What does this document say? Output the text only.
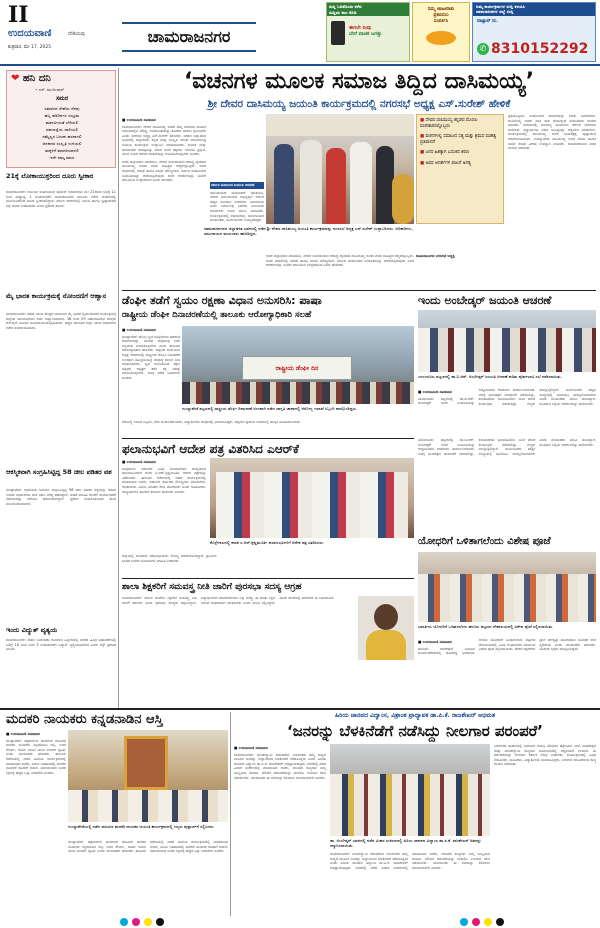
II
ಉದಯವಾಣಿ	ದೇಶಿಯವು
ಶುಕ್ರವಾರ, ಮೇ 17, 2025
ಚಾಮರಾಜನಗರ
ಸುದ್ದಿ ಓದಿಕೊಂಡು ಕಳೆದ
ಸುದ್ದಿಯ ಕಾಲ ಕೊಡಿ
ಈಗಲೇ ನೀವು
ಬೇರೆ ವಾಚಕ ಜಗತ್ತು
ನಿಮ್ಮ ಜಾಹೀರಾತು
ಪ್ರಕಟಿಸಲು
ಸಂಪರ್ಕಿಸಿ
ನಿಮ್ಮ ಕಾರ್ಯಕ್ರಮಗಳ ಸುದ್ದಿ ಕಳುಹಿಸಿ
ಚಾಮರಾಜನಗರ ಜಿಲ್ಲೆ ಸುದ್ದಿ
ವಾಟ್ಸಾಪ್ ನಂ.
✆ 8310152292
❤ ಹನಿ ದನಿ
• ಎಸ್. ಮಂಜುನಾಥ್
ಸಮರ
ಸಮಾಜದ ಸೇವೆಯ ನೆನಪು
ಹಬ್ಬ ಹರಿದಿನಗಳ ಸಂಭ್ರಮ
ಮಾನವೀಯತೆ ಬೆಳೆಯಲಿ
ಸಹಬಾಳ್ವೆಯ ದಾರಿಯಲಿ
ನಮ್ಮೆಲ್ಲರ ಬದುಕು ಹಸನಾಗಲಿ
ಜನಪದರ ಸಂಸ್ಕೃತಿ ಉಳಿಯಲಿ
ಮಕ್ಕಳಿಗೆ ಮಾದರಿಯಾಗಲಿ
ಇದೇ ನಮ್ಮ ಸಮರ
21ಕ್ಕೆ ಲೋಕಾಯುಕ್ತರಿಂದ ದೂರು ಸ್ವೀಕಾರ
ಚಾಮರಾಜನಗರ: ಕರ್ನಾಟಕ ಲೋಕಾಯುಕ್ತ ಪೊಲೀಸ್ ಅಧಿಕಾರಿಗಳು ಮೇ 21ರಂದು ಬೆಳಗ್ಗೆ 11 ರಿಂದ ಮಧ್ಯಾಹ್ನ 1 ಗಂಟೆಯವರೆಗೆ ಚಾಮರಾಜನಗರ ತಾಲೂಕು ಕಚೇರಿ ಆವರಣದಲ್ಲಿ ಸಾರ್ವಜನಿಕರಿಂದ ದೂರು ಸ್ವೀಕರಿಸಲಿದ್ದಾರೆ. ಸರ್ಕಾರಿ ಕಚೇರಿಗಳಲ್ಲಿ ವಿಳಂಬ ಹಾಗೂ ಭ್ರಷ್ಟಾಚಾರದ ಬಗ್ಗೆ ದೂರು ನೀಡಬಹುದು ಎಂದು ಪ್ರಕಟಣೆ ತಿಳಿಸಿದೆ.
ಮೈ ಭಾರತ ಕಾರ್ಯಕ್ರಮಕ್ಕೆ ನೋಂದಣಿಗೆ ಆಹ್ವಾನ
ಚಾಮರಾಜನಗರ: ನೆಹರು ಯುವ ಕೇಂದ್ರದ ವತಿಯಿಂದ ಮೈ ಭಾರತ ಸ್ವಯಂಸೇವಕರ ಕಾರ್ಯಕ್ರಮಕ್ಕೆ ಜಿಲ್ಲೆಯ ಯುವಜನರಿಂದ ಅರ್ಜಿ ಆಹ್ವಾನಿಸಲಾಗಿದೆ. 18 ರಿಂದ 29 ವರ್ಷದೊಳಗಿನ ಆಸಕ್ತರು ಆನ್‌ಲೈನ್ ಮೂಲಕ ನೋಂದಾಯಿಸಿಕೊಳ್ಳಬಹುದು. ಹೆಚ್ಚಿನ ಮಾಹಿತಿಗೆ ಜಿಲ್ಲಾ ಯುವ ಅಧಿಕಾರಿಗಳ ಕಚೇರಿ ಸಂಪರ್ಕಿಸಬಹುದು.
ಆಕಸ್ಮಿಕವಾಗಿ ಸಂಗ್ರಹಿಸಿಟ್ಟಿದ್ದ 58 ಚೀಲ ಪಡಿತರ ವಶ
ಗುಂಡ್ಲುಪೇಟೆ: ಅಕ್ರಮವಾಗಿ ಸಾಗಿಸಲು ಸಂಗ್ರಹಿಸಿಟ್ಟಿದ್ದ 58 ಚೀಲ ಪಡಿತರ ಅಕ್ಕಿಯನ್ನು ಆಹಾರ ಇಲಾಖೆ ಅಧಿಕಾರಿಗಳು ದಾಳಿ ನಡೆಸಿ ವಶಕ್ಕೆ ಪಡೆದಿದ್ದಾರೆ. ಖಚಿತ ಮಾಹಿತಿ ಮೇರೆಗೆ ಕಾರ್ಯಾಚರಣೆ ನಡೆಸಲಾಗಿದ್ದು ಆರೋಪಿ ಪರಾರಿಯಾಗಿದ್ದಾನೆ. ಪ್ರಕರಣ ದಾಖಲಿಸಿಕೊಂಡು ತನಿಖೆ ಮುಂದುವರಿಸಲಾಗಿದೆ.
ಇಂದು ವಿದ್ಯುತ್ ವ್ಯತ್ಯಯ
ಚಾಮರಾಜನಗರ: ತುರ್ತು ನಿರ್ವಹಣಾ ಕಾಮಗಾರಿ ಹಿನ್ನೆಲೆಯಲ್ಲಿ ನಗರದ ವಿವಿಧ ಬಡಾವಣೆಗಳಲ್ಲಿ ಬೆಳಗ್ಗೆ 10 ರಿಂದ ಸಂಜೆ 5 ಗಂಟೆಯವರೆಗೆ ವಿದ್ಯುತ್ ವ್ಯತ್ಯಯವಾಗಲಿದೆ ಎಂದು ಸೆಸ್ಕ್ ಪ್ರಕಟಣೆ ತಿಳಿಸಿದೆ.
‘ವಚನಗಳ ಮೂಲಕ ಸಮಾಜ ತಿದ್ದಿದ ದಾಸಿಮಯ್ಯ’
ಶ್ರೀ ದೇವರ ದಾಸಿಮಯ್ಯ ಜಯಂತಿ ಕಾರ್ಯಕ್ರಮದಲ್ಲಿ ನಗರಸಭೆ ಅಧ್ಯಕ್ಷ ಎಸ್.ಸುರೇಶ್ ಹೇಳಿಕೆ
■ ಉದಯವಾಣಿ ಸಮಾಚಾರ
ಚಾಮರಾಜನಗರ: ದೇವರ ದಾಸಿಮಯ್ಯ ಅವರು ತಮ್ಮ ವಚನಗಳ ಮೂಲಕ ಸಮಾಜದಲ್ಲಿನ ಮೌಢ್ಯ, ಅಸಮಾನತೆಯನ್ನು ತೊಡೆದು ಹಾಕಲು ಶ್ರಮಿಸಿದರು ಎಂದು ನಗರಸಭೆ ಅಧ್ಯಕ್ಷ ಎಸ್.ಸುರೇಶ್ ಹೇಳಿದರು. ನಗರದ ಜಿಲ್ಲಾಡಳಿತ ಭವನದಲ್ಲಿ ಜಿಲ್ಲಾಡಳಿತ, ಕನ್ನಡ ಮತ್ತು ಸಂಸ್ಕೃತಿ ಇಲಾಖೆ ಆಯೋಜಿಸಿದ್ದ ಜಯಂತಿ ಕಾರ್ಯಕ್ರಮ ಉದ್ಘಾಟಿಸಿ ಮಾತನಾಡಿದರು. ಕಾಯಕ ಮತ್ತು ದಾಸೋಹದ ಮಹತ್ವವನ್ನು ಸಾರಿದ ಅವರ ತತ್ವಗಳು ಇಂದಿಗೂ ಪ್ರಸ್ತುತ. ಯುವ ಪೀಳಿಗೆ ಶರಣರ ಚಿಂತನೆಗಳನ್ನು ಅಳವಡಿಸಿಕೊಳ್ಳಬೇಕು ಎಂದರು.
ಅಪರ ಜಿಲ್ಲಾಧಿಕಾರಿ ಮಾತನಾಡಿ, ನೇಕಾರ ಸಮುದಾಯದ ಆರಾಧ್ಯ ದೈವರಾದ ದಾಸಿಮಯ್ಯ ಅವರು ವಚನ ಸಾಹಿತ್ಯದ ಆದ್ಯರಲ್ಲೊಬ್ಬರು. ಅವರ ವಚನಗಳಲ್ಲಿ ಸರಳತೆ ಹಾಗೂ ಜೀವನ ಮೌಲ್ಯಗಳಿವೆ. ಸರ್ಕಾರ ಮಹನೀಯರ ಜಯಂತಿಗಳನ್ನು ಆಚರಿಸುತ್ತಿರುವುದು ಅವರ ಆದರ್ಶಗಳನ್ನು ಜನರಿಗೆ ತಲುಪಿಸುವ ಉದ್ದೇಶದಿಂದ ಎಂದು ಹೇಳಿದರು.
ಸರ್ಕಾರ ವತಿಯಿಂದ ಜಯಂತಿ ಆಚರಣೆ
ಸಮುದಾಯದ ಮುಖಂಡರು ಮಾತನಾಡಿ, ನೇಕಾರ ಸಮುದಾಯದ ಅಭಿವೃದ್ಧಿಗೆ ಸರ್ಕಾರ ಹೆಚ್ಚಿನ ಅನುದಾನ ನೀಡಬೇಕು. ಸಮುದಾಯ ಭವನ ನಿರ್ಮಾಣಕ್ಕೆ ನಿವೇಶನ ಮಂಜೂರು ಮಾಡಬೇಕು ಎಂದು ಮನವಿ ಮಾಡಿದರು. ಕಾರ್ಯಕ್ರಮದಲ್ಲಿ ಅಧಿಕಾರಿಗಳು, ಸಮುದಾಯದ ಮುಖಂಡರು, ಸಾರ್ವಜನಿಕರು ಉಪಸ್ಥಿತರಿದ್ದರು.
ಚಾಮರಾಜನಗರದ ಜಿಲ್ಲಾಡಳಿತ ಭವನದಲ್ಲಿ ನಡೆದ ಶ್ರೀ ದೇವರ ದಾಸಿಮಯ್ಯ ಜಯಂತಿ ಕಾರ್ಯಕ್ರಮವನ್ನು ನಗರಸಭೆ ಅಧ್ಯಕ್ಷ ಎಸ್.ಸುರೇಶ್ ಉದ್ಘಾಟಿಸಿದರು. ಅಧಿಕಾರಿಗಳು, ಸಮುದಾಯದ ಮುಖಂಡರು ಹಾಜರಿದ್ದರು.
■ ದೇವರ ದಾಸಿಮಯ್ಯ ಕನ್ನಡದ ಮೊದಲ ವಚನಕಾರರಲ್ಲೊಬ್ಬರು
■ ವಚನಗಳಲ್ಲಿ ಸಮಾಜದ ಸತ್ಯ ಮತ್ತು ಶ್ರಮದ ಮಹತ್ವ ಪ್ರತಿಪಾದನೆ
■ ಜನರ ಹಿತಕ್ಕಾಗಿ ಬದುಕಿದ ಶರಣ
■ ಅವರ ಆದರ್ಶಗಳ ಪಾಲನೆ ಅಗತ್ಯ
ಪ್ರತಿಯೊಬ್ಬರೂ ಮಹನೀಯರ ಚಿಂತನೆಗಳನ್ನು ಅರಿತು ಬದುಕಬೇಕು. ದಾಸಿಮಯ್ಯ ಅವರು ಜಾತಿ ಮತ ಭೇದವಿಲ್ಲದೆ ಸಮಾನತೆಯ ಸಂದೇಶ ಸಾರಿದರು. ಸಮಾಜದಲ್ಲಿ ಸಾಮರಸ್ಯ ಮೂಡಿಸಲು ಶರಣರ ವಚನಗಳು ದಾರಿದೀಪ. ವಿದ್ಯಾರ್ಥಿಗಳು ವಚನ ಸಾಹಿತ್ಯವನ್ನು ಅಧ್ಯಯನ ಮಾಡಬೇಕು. ಕಾರ್ಯಕ್ರಮದಲ್ಲಿ ದಾಸಿಮಯ್ಯ ಅವರ ಭಾವಚಿತ್ರಕ್ಕೆ ಪುಷ್ಪಾರ್ಚನೆ ನೆರವೇರಿಸಲಾಯಿತು. ಉಪನ್ಯಾಸಕರು ದಾಸಿಮಯ್ಯ ಅವರ ಜೀವನ ಹಾಗೂ ಸಾಧನೆ ಕುರಿತು ವಿಶೇಷ ಉಪನ್ಯಾಸ ನೀಡಿದರು. ಕಲಾತಂಡಗಳಿಂದ ವಚನ ಗಾಯನ ನಡೆಯಿತು.
ಚಾಮರಾಜನಗರ ನಗರಸಭೆ ಅಧ್ಯಕ್ಷ
ಅಪರ ಜಿಲ್ಲಾಧಿಕಾರಿ ಮಾತನಾಡಿ, ನೇಕಾರ ಸಮುದಾಯದ ಆರಾಧ್ಯ ದೈವರಾದ ದಾಸಿಮಯ್ಯ ಅವರು ವಚನ ಸಾಹಿತ್ಯದ ಆದ್ಯರಲ್ಲೊಬ್ಬರು. ಅವರ ವಚನಗಳಲ್ಲಿ ಸರಳತೆ ಹಾಗೂ ಜೀವನ ಮೌಲ್ಯಗಳಿವೆ. ಸರ್ಕಾರ ಮಹನೀಯರ ಜಯಂತಿಗಳನ್ನು ಆಚರಿಸುತ್ತಿರುವುದು ಅವರ ಆದರ್ಶಗಳನ್ನು ಜನರಿಗೆ ತಲುಪಿಸುವ ಉದ್ದೇಶದಿಂದ ಎಂದು ಹೇಳಿದರು.
ಡೆಂಘೀ ತಡೆಗೆ ಸ್ವಯಂ ರಕ್ಷಣಾ ವಿಧಾನ ಅನುಸರಿಸಿ: ಪಾಷಾ
ರಾಷ್ಟ್ರೀಯ ಡೆಂಘೀ ದಿನಾಚರಣೆಯಲ್ಲಿ ತಾಲೂಕು ಆರೋಗ್ಯಾಧಿಕಾರಿ ಸಲಹೆ
■ ಉದಯವಾಣಿ ಸಮಾಚಾರ
ಗುಂಡ್ಲುಪೇಟೆ: ಡೆಂಘೀ ಜ್ವರ ಸೊಳ್ಳೆಗಳಿಂದ ಹರಡುವ ರೋಗವಾಗಿದ್ದು, ಮನೆಯ ಸುತ್ತಮುತ್ತ ನೀರು ನಿಲ್ಲದಂತೆ ನೋಡಿಕೊಳ್ಳಬೇಕು ಎಂದು ತಾಲೂಕು ಆರೋಗ್ಯಾಧಿಕಾರಿ ಹೇಳಿದರು. ಪಟ್ಟಣದ ಸಾರ್ವಜನಿಕ ಆಸ್ಪತ್ರೆ ಆವರಣದಲ್ಲಿ ರಾಷ್ಟ್ರೀಯ ಡೆಂಘೀ ದಿನಾಚರಣೆ ಅಂಗವಾಗಿ ಹಮ್ಮಿಕೊಂಡಿದ್ದ ಜಾಥಾಕ್ಕೆ ಚಾಲನೆ ನೀಡಿ ಮಾತನಾಡಿದರು. ಜ್ವರ ಕಾಣಿಸಿಕೊಂಡ ತಕ್ಷಣ ಹತ್ತಿರದ ಆಸ್ಪತ್ರೆಗೆ ತೆರಳಿ ರಕ್ತ ಪರೀಕ್ಷೆ ಮಾಡಿಸಿಕೊಳ್ಳಬೇಕು. ಸೊಳ್ಳೆ ಪರದೆ ಬಳಸಬೇಕು ಎಂದರು.
ರಾಷ್ಟ್ರೀಯ ಡೆಂಘೀ ದಿನ
ಗುಂಡ್ಲುಪೇಟೆ ಪಟ್ಟಣದಲ್ಲಿ ರಾಷ್ಟ್ರೀಯ ಡೆಂಘೀ ದಿನಾಚರಣೆ ಅಂಗವಾಗಿ ನಡೆದ ಜಾಗೃತಿ ಜಾಥಾದಲ್ಲಿ ಆರೋಗ್ಯ ಇಲಾಖೆ ಸಿಬ್ಬಂದಿ ಪಾಲ್ಗೊಂಡಿದ್ದರು.
ಆರೋಗ್ಯ ಇಲಾಖೆ ಸಿಬ್ಬಂದಿ, ಆಶಾ ಕಾರ್ಯಕರ್ತೆಯರು, ವಿದ್ಯಾರ್ಥಿಗಳು ಜಾಥಾದಲ್ಲಿ ಭಾಗವಹಿಸಿದ್ದರು. ಪಟ್ಟಣದ ಪ್ರಮುಖ ಬೀದಿಗಳಲ್ಲಿ ಜಾಗೃತಿ ಮೂಡಿಸಲಾಯಿತು.
ಇಂದು ಅಂಬೇಡ್ಕರ್ ಜಯಂತಿ ಆಚರಣೆ
ಯಳಂದೂರು ಪಟ್ಟಣದಲ್ಲಿ ಡಾ.ಬಿ.ಆರ್. ಅಂಬೇಡ್ಕರ್ ಜಯಂತಿ ಆಚರಣೆ ಕುರಿತು ಪೂರ್ವಭಾವಿ ಸಭೆ ನಡೆಸಲಾಯಿತು.
■ ಉದಯವಾಣಿ ಸಮಾಚಾರ
ಯಳಂದೂರು: ಪಟ್ಟಣದಲ್ಲಿ ಡಾ.ಬಿ.ಆರ್. ಅಂಬೇಡ್ಕರ್ ಅವರ ಜಯಂತಿಯನ್ನು ಅದ್ದೂರಿಯಾಗಿ ಆಚರಿಸಲು ತೀರ್ಮಾನಿಸಲಾಗಿದೆ. ಬೆಳಗ್ಗೆ ಭಾವಚಿತ್ರದ ಮೆರವಣಿಗೆ ನಡೆಯಲಿದ್ದು, ಕಲಾತಂಡಗಳು ಭಾಗವಹಿಸಲಿವೆ. ಬಳಿಕ ವೇದಿಕೆ ಕಾರ್ಯಕ್ರಮ ನಡೆಯಲಿದ್ದು, ಗಣ್ಯರು ಪಾಲ್ಗೊಳ್ಳಲಿದ್ದಾರೆ. ಸಾರ್ವಜನಿಕರು ಹೆಚ್ಚಿನ ಸಂಖ್ಯೆಯಲ್ಲಿ ಭಾಗವಹಿಸಿ ಯಶಸ್ವಿಗೊಳಿಸಬೇಕು ಎಂದು ಮುಖಂಡರು ಮನವಿ ಮಾಡಿದ್ದಾರೆ. ಸಂವಿಧಾನ ಶಿಲ್ಪಿಯ ಆದರ್ಶಗಳನ್ನು ಪಾಲಿಸಬೇಕು.
ಫಲಾನುಭವಿಗೆ ಆದೇಶ ಪತ್ರ ವಿತರಿಸಿದ ಎಆರ್‌ಕೆ
■ ಉದಯವಾಣಿ ಸಮಾಚಾರ
ಕೊಳ್ಳೇಗಾಲ: ಸರ್ಕಾರದ ವಿವಿಧ ಯೋಜನೆಗಳಡಿ ಆಯ್ಕೆಯಾದ ಫಲಾನುಭವಿಗಳಿಗೆ ಶಾಸಕ ಎ.ಆರ್.ಕೃಷ್ಣಮೂರ್ತಿ ಆದೇಶ ಪತ್ರಗಳನ್ನು ವಿತರಿಸಿದರು. ತಾಲೂಕು ಕಚೇರಿಯಲ್ಲಿ ನಡೆದ ಕಾರ್ಯಕ್ರಮದಲ್ಲಿ ಮಾತನಾಡಿದ ಅವರು, ಅರ್ಹರಿಗೆ ಸರ್ಕಾರದ ಸೌಲಭ್ಯಗಳು ತಲುಪಬೇಕು. ಅಧಿಕಾರಿಗಳು ವಿಳಂಬ ಮಾಡದೆ ಕೆಲಸ ಮಾಡಬೇಕು ಎಂದು ಸೂಚಿಸಿದರು. ಮಧ್ಯವರ್ತಿಗಳ ಹಾವಳಿಗೆ ಕಡಿವಾಣ ಹಾಕಬೇಕು ಎಂದರು.
ಕೊಳ್ಳೇಗಾಲದಲ್ಲಿ ಶಾಸಕ ಎ.ಆರ್.ಕೃಷ್ಣಮೂರ್ತಿ ಫಲಾನುಭವಿಗಳಿಗೆ ಆದೇಶ ಪತ್ರ ವಿತರಿಸಿದರು.
ಜಿಲ್ಲೆಯಲ್ಲಿ ಸಾವಿರಾರು ಫಲಾನುಭವಿಗಳು ಸೌಲಭ್ಯ ಪಡೆದುಕೊಂಡಿದ್ದಾರೆ. ಗ್ರಾಮೀಣ ಭಾಗದ ಜನರಿಗೆ ಯೋಜನೆಗಳ ಮಾಹಿತಿ ನೀಡಬೇಕು.
ಶಾಲಾ ಶಿಕ್ಷಕರಿಗೆ ಸಮವಸ್ತ್ರ ನೀತಿ ಜಾರಿಗೆ ಪುರಸಭಾ ಸದಸ್ಯ ಆಗ್ರಹ
ಚಾಮರಾಜನಗರ: ಸರ್ಕಾರಿ ಶಾಲೆಗಳ ಶಿಕ್ಷಕರಿಗೆ ಸಮವಸ್ತ್ರ ನೀತಿ ಜಾರಿಗೆ ತರಬೇಕು ಎಂದು ಪುರಸಭಾ ಸದಸ್ಯರು ಆಗ್ರಹಿಸಿದ್ದಾರೆ. ವಿದ್ಯಾರ್ಥಿಗಳಿಗೆ ಮಾದರಿಯಾಗಲು ಶಿಸ್ತು ಅಗತ್ಯ. ಈ ಕುರಿತು ಶಿಕ್ಷಣ ಇಲಾಖೆ ಗಂಭೀರವಾಗಿ ಚಿಂತಿಸಬೇಕು ಎಂದು ಮನವಿ ಸಲ್ಲಿಸಿದ್ದಾರೆ. ಖಾಸಗಿ ಶಾಲೆಗಳಲ್ಲಿ ಈಗಾಗಲೇ ಈ ನಿಯಮವಿದೆ.
ಯೋಧರಿಗೆ ಒಳಿತಾಗಲೆಂದು ವಿಶೇಷ ಪೂಜೆ
ಭಾರತೀಯ ಯೋಧರಿಗೆ ಒಳಿತಾಗಲೆಂದು ಹನೂರು ಪಟ್ಟಣದ ದೇವಾಲಯದಲ್ಲಿ ವಿಶೇಷ ಪೂಜೆ ಸಲ್ಲಿಸಲಾಯಿತು.
■ ಉದಯವಾಣಿ ಸಮಾಚಾರ
ಹನೂರು: ಆಪರೇಷನ್ ಸಿಂಧೂರ ಕಾರ್ಯಾಚರಣೆಯಲ್ಲಿ ತೊಡಗಿದ್ದ ಭಾರತೀಯ ಸೇನೆಯ ಯೋಧರಿಗೆ ಒಳಿತಾಗಲೆಂದು ಪಟ್ಟಣದ ದೇವಾಲಯದಲ್ಲಿ ವಿವಿಧ ಸಂಘಟನೆಗಳ ವತಿಯಿಂದ ವಿಶೇಷ ಪೂಜೆ ಸಲ್ಲಿಸಲಾಯಿತು. ದೇಶದ ರಕ್ಷಣೆಗಾಗಿ ಪ್ರಾಣ ಪಣಕ್ಕಿಟ್ಟು ಹೋರಾಡುವ ಯೋಧರ ಸೇವೆ ಸ್ಮರಣೀಯ ಎಂದು ಮುಖಂಡರು ಹೇಳಿದರು. ನೂರಾರು ಭಕ್ತರು ಪಾಲ್ಗೊಂಡಿದ್ದರು.
ಯಳಂದೂರು: ಪಟ್ಟಣದಲ್ಲಿ ಡಾ.ಬಿ.ಆರ್. ಅಂಬೇಡ್ಕರ್ ಅವರ ಜಯಂತಿಯನ್ನು ಅದ್ದೂರಿಯಾಗಿ ಆಚರಿಸಲು ತೀರ್ಮಾನಿಸಲಾಗಿದೆ. ಬೆಳಗ್ಗೆ ಭಾವಚಿತ್ರದ ಮೆರವಣಿಗೆ ನಡೆಯಲಿದ್ದು, ಕಲಾತಂಡಗಳು ಭಾಗವಹಿಸಲಿವೆ. ಬಳಿಕ ವೇದಿಕೆ ಕಾರ್ಯಕ್ರಮ ನಡೆಯಲಿದ್ದು, ಗಣ್ಯರು ಪಾಲ್ಗೊಳ್ಳಲಿದ್ದಾರೆ. ಸಾರ್ವಜನಿಕರು ಹೆಚ್ಚಿನ ಸಂಖ್ಯೆಯಲ್ಲಿ ಭಾಗವಹಿಸಿ ಯಶಸ್ವಿಗೊಳಿಸಬೇಕು ಎಂದು ಮುಖಂಡರು ಮನವಿ ಮಾಡಿದ್ದಾರೆ. ಸಂವಿಧಾನ ಶಿಲ್ಪಿಯ ಆದರ್ಶಗಳನ್ನು ಪಾಲಿಸಬೇಕು.
ಮದಕರಿ ನಾಯಕರು ಕನ್ನಡನಾಡಿನ ಆಸ್ತಿ
■ ಉದಯವಾಣಿ ಸಮಾಚಾರ
ಗುಂಡ್ಲುಪೇಟೆ: ಚಿತ್ರದುರ್ಗದ ಪಾಳೇಗಾರ ರಾಜವೀರ ಮದಕರಿ ನಾಯಕರು ಕನ್ನಡನಾಡಿನ ಆಸ್ತಿ. ಅವರ ಶೌರ್ಯ, ಸಾಹಸ ಇಂದಿನ ಯುವ ಪೀಳಿಗೆಗೆ ಸ್ಫೂರ್ತಿ ಎಂದು ಮುಖಂಡರು ಹೇಳಿದರು. ತಾಲೂಕು ಕಚೇರಿಯಲ್ಲಿ ನಡೆದ ಜಯಂತಿ ಕಾರ್ಯಕ್ರಮದಲ್ಲಿ ಮಾತನಾಡಿದ ಅವರು, ನಾಡಿನ ಇತಿಹಾಸದಲ್ಲಿ ಮದಕರಿ ನಾಯಕರ ಕೊಡುಗೆ ಅಪಾರ. ಸಮುದಾಯದ ಜನರು ಶಿಕ್ಷಣಕ್ಕೆ ಹೆಚ್ಚಿನ ಒತ್ತು ನೀಡಬೇಕು ಎಂದರು.
ಗುಂಡ್ಲುಪೇಟೆಯಲ್ಲಿ ನಡೆದ ರಾಜವೀರ ಮದಕರಿ ನಾಯಕರ ಜಯಂತಿ ಕಾರ್ಯಕ್ರಮದಲ್ಲಿ ಗಣ್ಯರು ಪುಷ್ಪಾರ್ಚನೆ ಸಲ್ಲಿಸಿದರು.
ಗುಂಡ್ಲುಪೇಟೆ: ಚಿತ್ರದುರ್ಗದ ಪಾಳೇಗಾರ ರಾಜವೀರ ಮದಕರಿ ನಾಯಕರು ಕನ್ನಡನಾಡಿನ ಆಸ್ತಿ. ಅವರ ಶೌರ್ಯ, ಸಾಹಸ ಇಂದಿನ ಯುವ ಪೀಳಿಗೆಗೆ ಸ್ಫೂರ್ತಿ ಎಂದು ಮುಖಂಡರು ಹೇಳಿದರು. ತಾಲೂಕು ಕಚೇರಿಯಲ್ಲಿ ನಡೆದ ಜಯಂತಿ ಕಾರ್ಯಕ್ರಮದಲ್ಲಿ ಮಾತನಾಡಿದ ಅವರು, ನಾಡಿನ ಇತಿಹಾಸದಲ್ಲಿ ಮದಕರಿ ನಾಯಕರ ಕೊಡುಗೆ ಅಪಾರ. ಸಮುದಾಯದ ಜನರು ಶಿಕ್ಷಣಕ್ಕೆ ಹೆಚ್ಚಿನ ಒತ್ತು ನೀಡಬೇಕು ಎಂದರು.
ಹಿರಿಯ ಜಾನಪದ ವಿದ್ವಾಂಸ, ವಿಶ್ರಾಂತ ಪ್ರಾಧ್ಯಾಪಕ ಡಾ.ಪಿ.ಕೆ. ರಾಜಶೇಖರ್ ಅಭಿಮತ
‘ಜನರನ್ನು ಬೆಳಕಿನೆಡೆಗೆ ನಡೆಸಿದ್ದು ನೀಲಗಾರ ಪರಂಪರೆ’
■ ಉದಯವಾಣಿ ಸಮಾಚಾರ
ಚಾಮರಾಜನಗರ: ಮಂಟೇಸ್ವಾಮಿ ಪರಂಪರೆಯ ನೀಲಗಾರರು ತಮ್ಮ ಕಾವ್ಯದ ಮೂಲಕ ಜನರನ್ನು ಅಜ್ಞಾನದಿಂದ ಬೆಳಕಿನೆಡೆಗೆ ಕರೆದೊಯ್ದರು ಎಂದು ಹಿರಿಯ ಜಾನಪದ ವಿದ್ವಾಂಸ ಡಾ.ಪಿ.ಕೆ. ರಾಜಶೇಖರ್ ಅಭಿಪ್ರಾಯಪಟ್ಟರು. ನಗರದಲ್ಲಿ ನಡೆದ ವಿಚಾರ ಸಂಕಿರಣದಲ್ಲಿ ಮಾತನಾಡಿದ ಅವರು, ಜಾನಪದ ಕಾವ್ಯಗಳು ನಮ್ಮ ಸಂಸ್ಕೃತಿಯ ಜೀವಾಳ. ಮೌಖಿಕ ಪರಂಪರೆಯನ್ನು ದಾಖಲಿಸಿ ಉಳಿಸುವ ಕೆಲಸ ನಡೆಯಬೇಕು. ಯುವಜನರು ಈ ಕಲೆಯನ್ನು ಕಲಿಯಲು ಮುಂದಾಗಬೇಕು ಎಂದರು.
ಡಾ. ಅಂಬೇಡ್ಕರ್ ಭವನದಲ್ಲಿ ನಡೆದ ವಿಚಾರ ಸಂಕಿರಣದಲ್ಲಿ ಹಿರಿಯ ಜಾನಪದ ವಿದ್ವಾಂಸ ಡಾ.ಪಿ.ಕೆ. ರಾಜಶೇಖರ್ ಅವರನ್ನು ಸನ್ಮಾನಿಸಲಾಯಿತು.
ನೀಲಗಾರರ ಹಾಡುಗಳಲ್ಲಿ ಸಮಾಜದ ನೋವು ನಲಿವುಗಳ ಚಿತ್ರಣವಿದೆ. ಮಲೆ ಮಹದೇಶ್ವರ ಮತ್ತು ಮಂಟೇಸ್ವಾಮಿ ಕಾವ್ಯಗಳು ಜನಮಾನಸದಲ್ಲಿ ಅಚ್ಚಳಿಯದೆ ಉಳಿದಿವೆ. ಈ ಪರಂಪರೆಯನ್ನು ಉಳಿಸಲು ಸರ್ಕಾರ ನೆರವು ನೀಡಬೇಕು. ಕಾರ್ಯಕ್ರಮದಲ್ಲಿ ವಿವಿಧ ಕಲಾವಿದರು, ಸಾಹಿತಿಗಳು, ವಿದ್ಯಾರ್ಥಿಗಳು ಭಾಗವಹಿಸಿದ್ದರು. ನೀಲಗಾರ ಕಲಾವಿದರಿಂದ ಕಾವ್ಯ ಗಾಯನ ನಡೆಯಿತು.
ಚಾಮರಾಜನಗರ: ಮಂಟೇಸ್ವಾಮಿ ಪರಂಪರೆಯ ನೀಲಗಾರರು ತಮ್ಮ ಕಾವ್ಯದ ಮೂಲಕ ಜನರನ್ನು ಅಜ್ಞಾನದಿಂದ ಬೆಳಕಿನೆಡೆಗೆ ಕರೆದೊಯ್ದರು ಎಂದು ಹಿರಿಯ ಜಾನಪದ ವಿದ್ವಾಂಸ ಡಾ.ಪಿ.ಕೆ. ರಾಜಶೇಖರ್ ಅಭಿಪ್ರಾಯಪಟ್ಟರು. ನಗರದಲ್ಲಿ ನಡೆದ ವಿಚಾರ ಸಂಕಿರಣದಲ್ಲಿ ಮಾತನಾಡಿದ ಅವರು, ಜಾನಪದ ಕಾವ್ಯಗಳು ನಮ್ಮ ಸಂಸ್ಕೃತಿಯ ಜೀವಾಳ. ಮೌಖಿಕ ಪರಂಪರೆಯನ್ನು ದಾಖಲಿಸಿ ಉಳಿಸುವ ಕೆಲಸ ನಡೆಯಬೇಕು. ಯುವಜನರು ಈ ಕಲೆಯನ್ನು ಕಲಿಯಲು ಮುಂದಾಗಬೇಕು ಎಂದರು.
